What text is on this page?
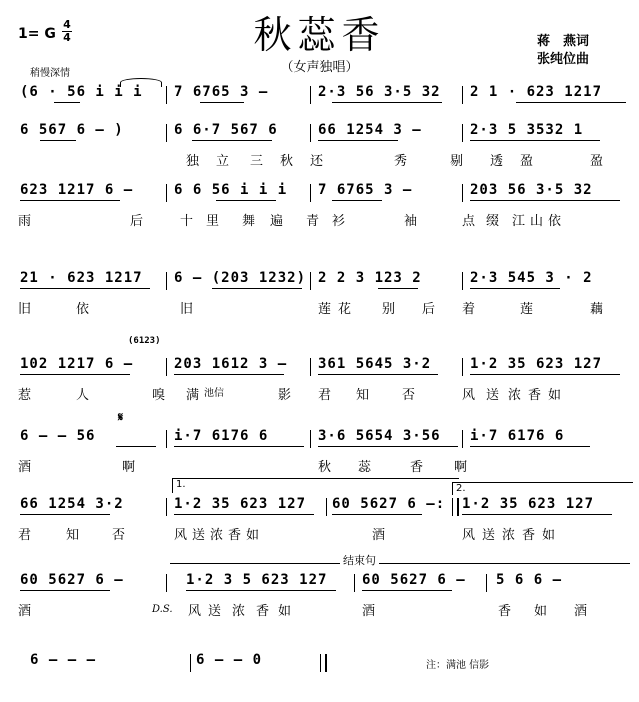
秋蕊香
（女声独唱）
1= G
4
4
稍慢深情
蒋　燕词
张纯位曲
(6 · 56 i i i 7 6765 3 –	2·3 56 3·5 32 2 1 · 623 1217
6 567 6 – )	6 6·7 567 6	66 1254 3 –	2·3 5 3532 1
独 立 三 秋 还	秀	剔 透 盈	盈
623 1217 6 –	6 6 56 i i i 7 6765 3 –	203 56 3·5 32
雨	后	十 里 舞 遍 青 衫	袖	点 缀 江 山 依
21 · 623 1217 6 – (203 1232) 2 2 3 123 2	2·3 545 3 · 2
旧	依	旧	莲 花 别 后 着	莲	藕
(6123)
102 1217 6 –	203 1612 3 – 361 5645 3·2	1·2 35 623 127
惹	人	嗅 满 池信	影 君 知	否	风 送 浓 香 如
𝄋
6 – – 56	i·7 6176 6	3·6 5654 3·56 i·7 6176 6
酒	啊	秋 蕊	香 啊
1.	2.
66 1254 3·2	1·2 35 623 127 60 5627 6 –: 1·2 35 623 127
君	知	否	风 送 浓 香 如	酒	风 送 浓 香 如
结束句
60 5627 6 –	1·2 3 5 623 127 60 5627 6 – 5 6 6 –
酒	风 送 浓 香 如	酒	香 如 酒
D.S.
6 – – –	6 – – 0	注：满池 信影
